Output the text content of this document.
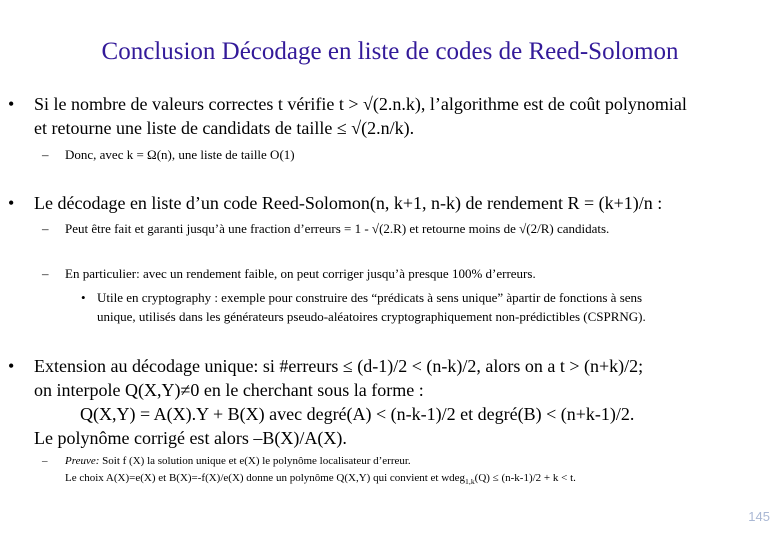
Conclusion Décodage en liste de codes de Reed-Solomon
• Si le nombre de valeurs correctes t vérifie t > √(2.n.k), l’algorithme est de coût polynomial
et retourne une liste de candidats de taille ≤ √(2.n/k).
– Donc, avec k = Ω(n), une liste de taille O(1)
• Le décodage en liste d’un code Reed-Solomon(n, k+1, n-k) de rendement R = (k+1)/n :
– Peut être fait et garanti jusqu’à une fraction d’erreurs = 1 - √(2.R) et retourne moins de √(2/R) candidats.
– En particulier: avec un rendement faible, on peut corriger jusqu’à presque 100% d’erreurs.
• Utile en cryptography : exemple pour construire des “prédicats à sens unique” àpartir de fonctions à sens
unique, utilisés dans les générateurs pseudo-aléatoires cryptographiquement non-prédictibles (CSPRNG).
• Extension au décodage unique: si #erreurs ≤ (d-1)/2 < (n-k)/2, alors on a t > (n+k)/2;
on interpole Q(X,Y)≠0 en le cherchant sous la forme :
Q(X,Y) = A(X).Y + B(X) avec degré(A) < (n-k-1)/2 et degré(B) < (n+k-1)/2.
Le polynôme corrigé est alors –B(X)/A(X).
– Preuve: Soit f (X) la solution unique et e(X) le polynôme localisateur d’erreur.
Le choix A(X)=e(X) et B(X)=-f(X)/e(X) donne un polynôme Q(X,Y) qui convient et wdeg$_{1,k}$(Q) ≤ (n-k-1)/2 + k < t.
145
